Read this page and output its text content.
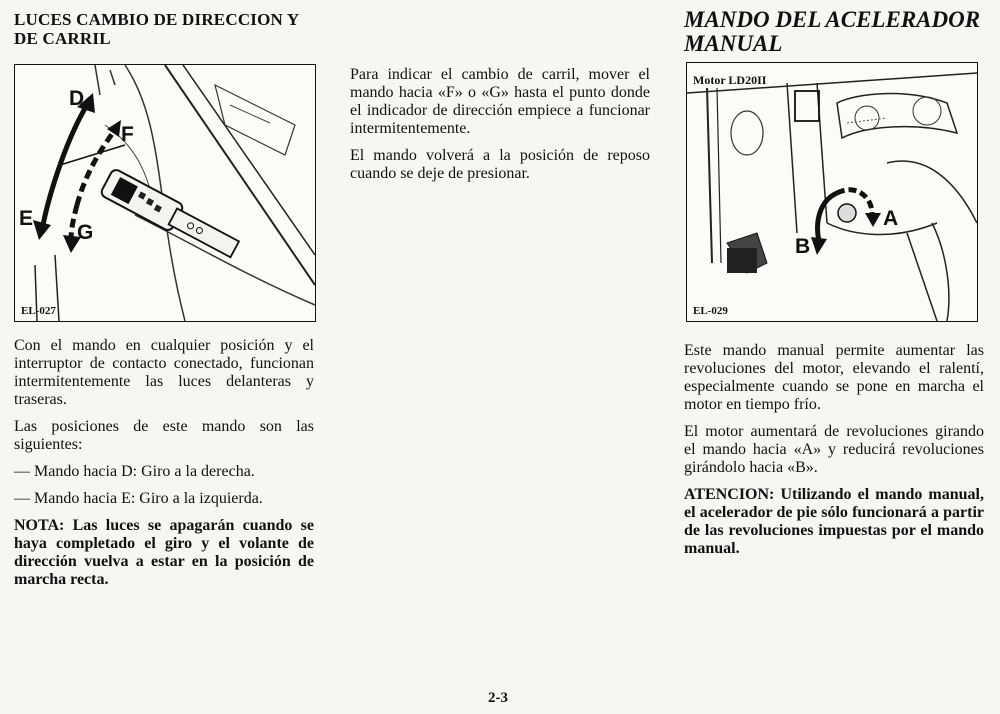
LUCES CAMBIO DE DIRECCION Y DE CARRIL
D
F
E
G
EL-027

Con el mando en cualquier posición y el interruptor de contacto conectado, funcionan intermitentemente las luces delanteras y traseras.

Las posiciones de este mando son las siguientes:

— Mando hacia D: Giro a la derecha.

— Mando hacia E: Giro a la izquierda.

NOTA: Las luces se apagarán cuando se haya completado el giro y el volante de dirección vuelva a estar en la posición de marcha recta.

Para indicar el cambio de carril, mover el mando hacia «F» o «G» hasta el punto donde el indicador de dirección empiece a funcionar intermitentemente.

El mando volverá a la posición de reposo cuando se deje de presionar.

MANDO DEL ACELERADOR MANUAL
Motor LD20II
A
B
EL-029

Este mando manual permite aumentar las revoluciones del motor, elevando el ralentí, especialmente cuando se pone en marcha el motor en tiempo frío.

El motor aumentará de revoluciones girando el mando hacia «A» y reducirá revoluciones girándolo hacia «B».

ATENCION: Utilizando el mando manual, el acelerador de pie sólo funcionará a partir de las revoluciones impuestas por el mando manual.

2-3
